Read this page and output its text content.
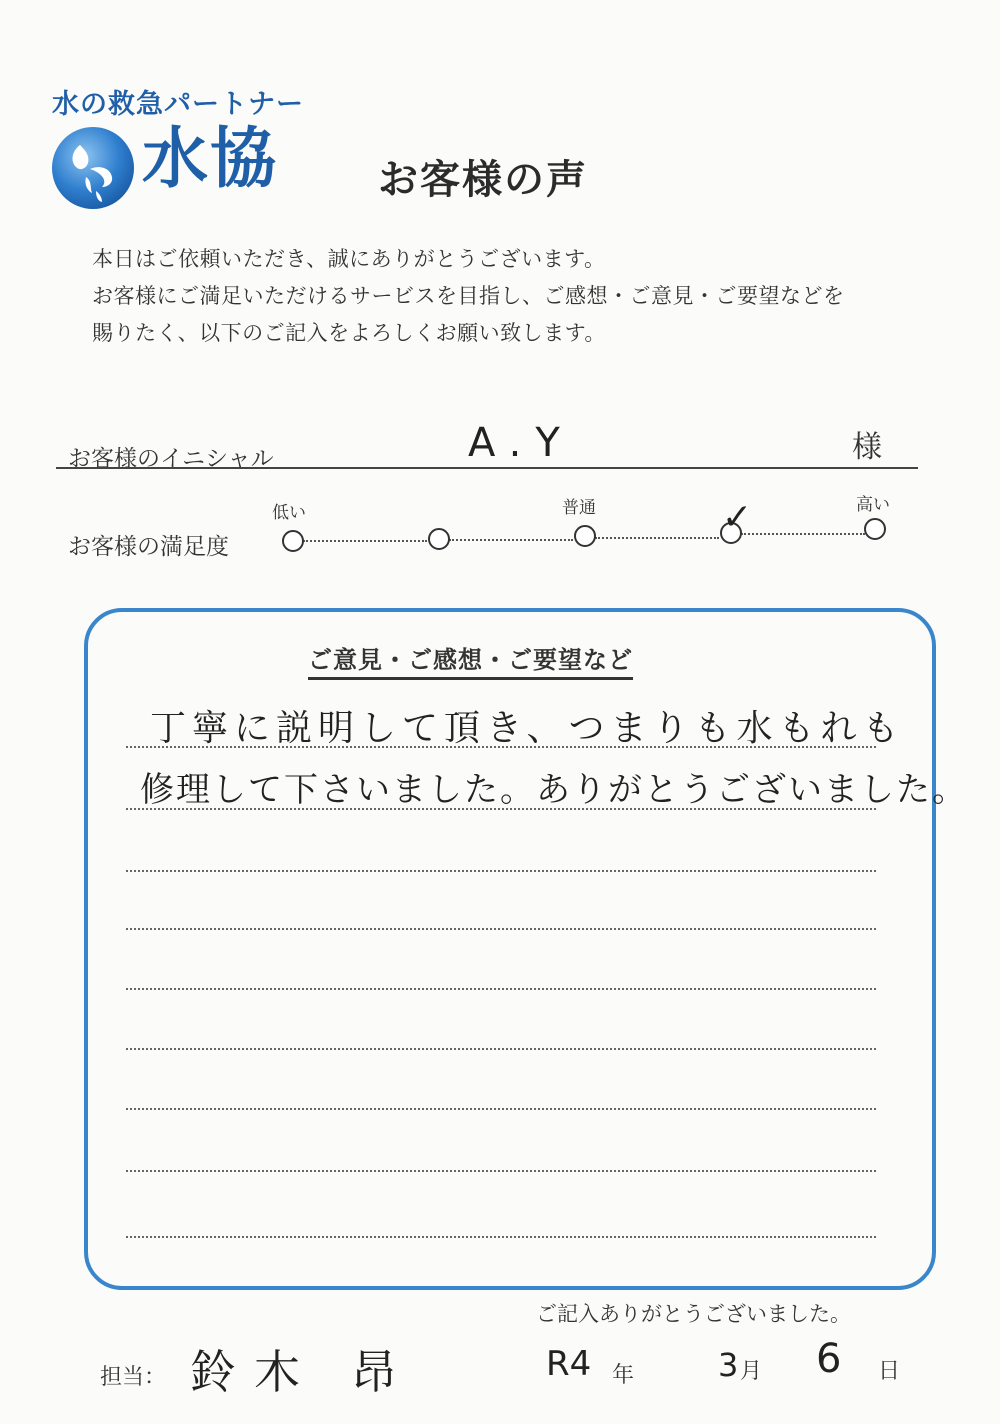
水の救急パートナー
水協	お客様の声
本日はご依頼いただき、誠にありがとうございます。
お客様にご満足いただけるサービスを目指し、ご感想・ご意見・ご要望などを
賜りたく、以下のご記入をよろしくお願い致します。
お客様のイニシャル	A.Y	様
お客様の満足度
低い	普通	高い
✓
ご意見・ご感想・ご要望など
丁寧に説明して頂き、つまりも水もれも
修理して下さいました。ありがとうございました。
ご記入ありがとうございました。
担当： 鈴木 昂	R4 年	3 月 6 日
